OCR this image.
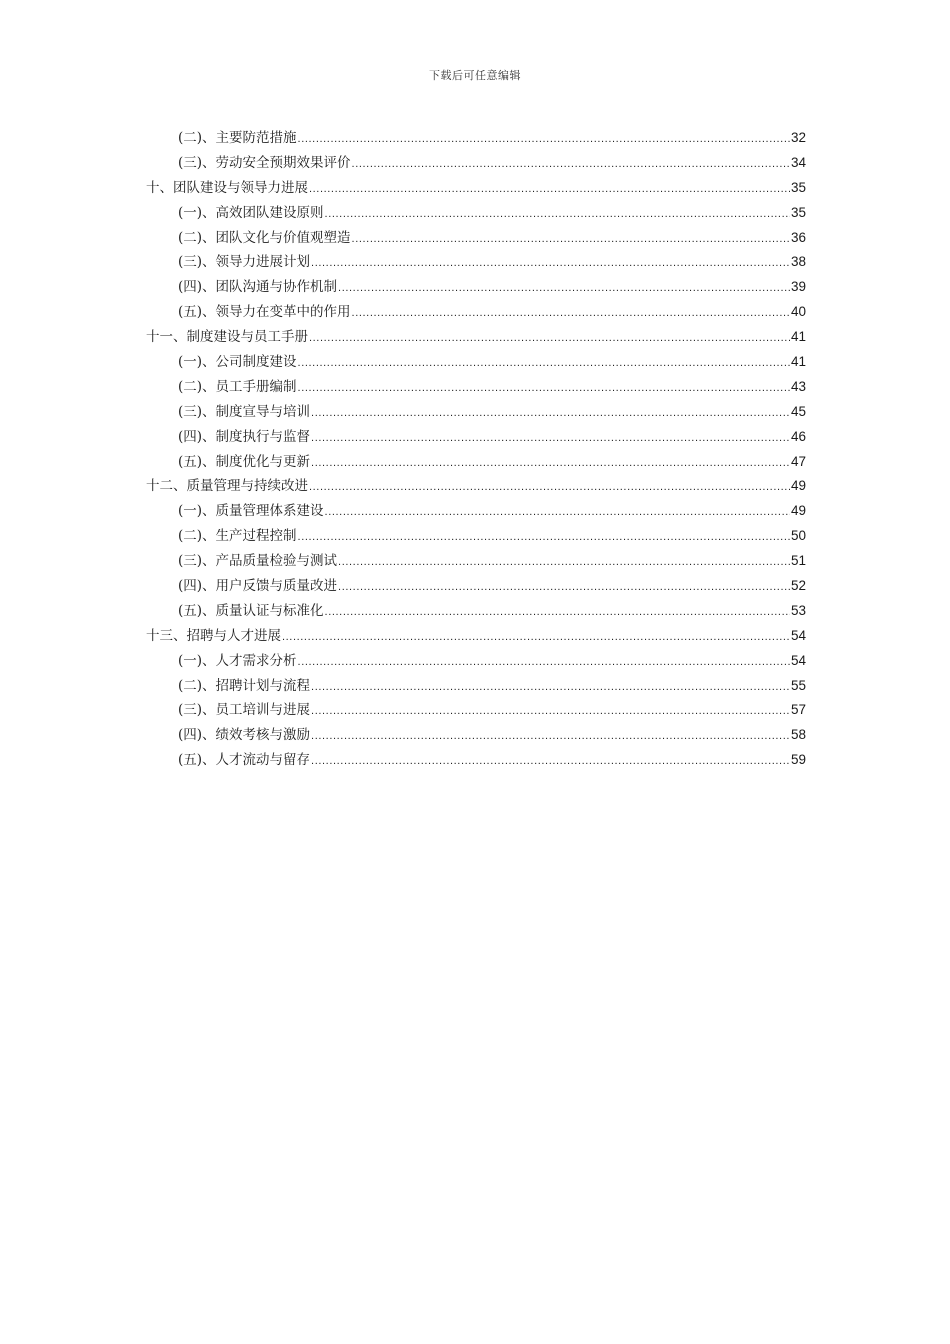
下载后可任意编辑
(二)、主要防范措施 .....	32
(三)、劳动安全预期效果评价 .....	34
十、团队建设与领导力进展 .....	35
(一)、高效团队建设原则 .....	35
(二)、团队文化与价值观塑造 .....	36
(三)、领导力进展计划 .....	38
(四)、团队沟通与协作机制 .....	39
(五)、领导力在变革中的作用 .....	40
十一、制度建设与员工手册 .....	41
(一)、公司制度建设 .....	41
(二)、员工手册编制 .....	43
(三)、制度宣导与培训 .....	45
(四)、制度执行与监督 .....	46
(五)、制度优化与更新 .....	47
十二、质量管理与持续改进 .....	49
(一)、质量管理体系建设 .....	49
(二)、生产过程控制 .....	50
(三)、产品质量检验与测试 .....	51
(四)、用户反馈与质量改进 .....	52
(五)、质量认证与标准化 .....	53
十三、招聘与人才进展 .....	54
(一)、人才需求分析 .....	54
(二)、招聘计划与流程 .....	55
(三)、员工培训与进展 .....	57
(四)、绩效考核与激励 .....	58
(五)、人才流动与留存 .....	59
